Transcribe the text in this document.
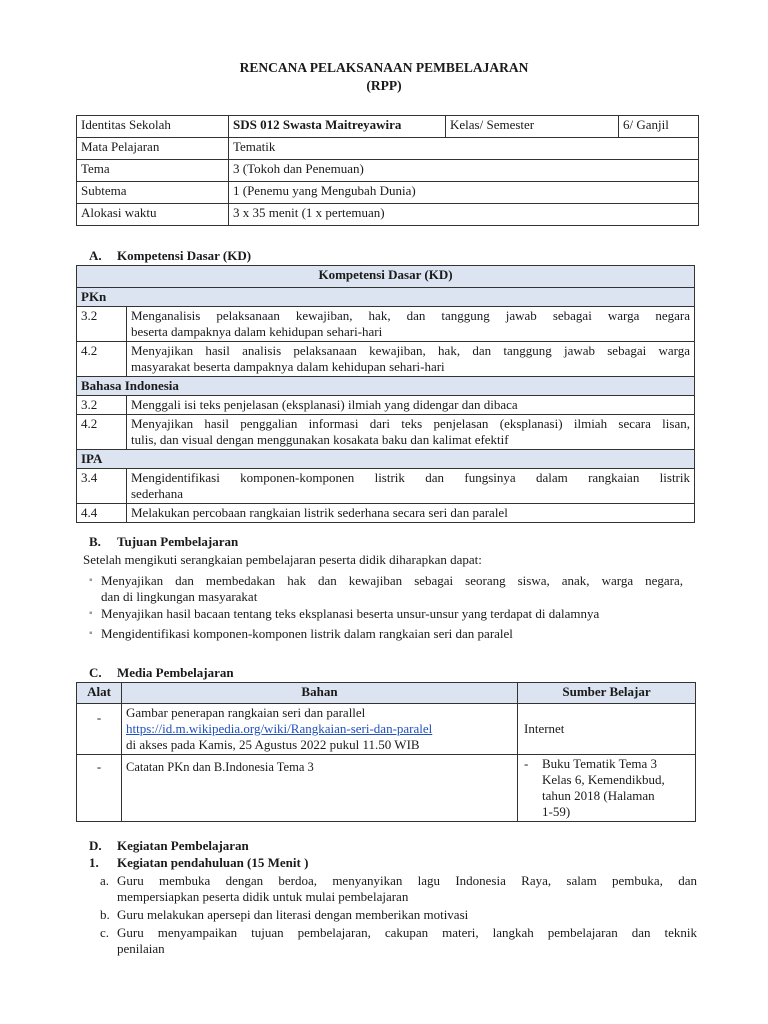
RENCANA PELAKSANAAN PEMBELAJARAN
(RPP)
Identitas Sekolah	SDS 012 Swasta Maitreyawira	Kelas/ Semester	6/ Ganjil
Mata Pelajaran	Tematik		
Tema	3 (Tokoh dan Penemuan)		
Subtema	1 (Penemu yang Mengubah Dunia)		
Alokasi waktu	3 x 35 menit (1 x pertemuan)		
A. Kompetensi Dasar (KD)
Kompetensi Dasar (KD)	
PKn	
3.2	Menganalisis pelaksanaan kewajiban, hak, dan tanggung jawab sebagai warga negara
beserta dampaknya dalam kehidupan sehari-hari

4.2	Menyajikan hasil analisis pelaksanaan kewajiban, hak, dan tanggung jawab sebagai warga
masyarakat beserta dampaknya dalam kehidupan sehari-hari

Bahasa Indonesia	
3.2	Menggali isi teks penjelasan (eksplanasi) ilmiah yang didengar dan dibaca

4.2	Menyajikan hasil penggalian informasi dari teks penjelasan (eksplanasi) ilmiah secara lisan,
tulis, dan visual dengan menggunakan kosakata baku dan kalimat efektif

IPA	
3.4	Mengidentifikasi komponen-komponen listrik dan fungsinya dalam rangkaian listrik
sederhana

4.4	Melakukan percobaan rangkaian listrik sederhana secara seri dan paralel
B. Tujuan Pembelajaran
Setelah mengikuti serangkaian pembelajaran peserta didik diharapkan dapat:
▪ Menyajikan dan membedakan hak dan kewajiban sebagai seorang siswa, anak, warga negara,
dan di lingkungan masyarakat
▪ Menyajikan hasil bacaan tentang teks eksplanasi beserta unsur-unsur yang terdapat di dalamnya
▪ Mengidentifikasi komponen-komponen listrik dalam rangkaian seri dan paralel
C. Media Pembelajaran
Alat	Bahan	Sumber Belajar
-	Gambar penerapan rangkaian seri dan parallel
https://id.m.wikipedia.org/wiki/Rangkaian-seri-dan-paralel
di akses pada Kamis, 25 Agustus 2022 pukul 11.50 WIB	Internet
-	Catatan PKn dan B.Indonesia Tema 3	- Buku Tematik Tema 3
Kelas 6, Kemendikbud,
tahun 2018 (Halaman
1-59)
D. Kegiatan Pembelajaran
1. Kegiatan pendahuluan (15 Menit )
a. Guru membuka dengan berdoa, menyanyikan lagu Indonesia Raya, salam pembuka, dan
mempersiapkan peserta didik untuk mulai pembelajaran
b. Guru melakukan apersepi dan literasi dengan memberikan motivasi
c. Guru menyampaikan tujuan pembelajaran, cakupan materi, langkah pembelajaran dan teknik
penilaian
